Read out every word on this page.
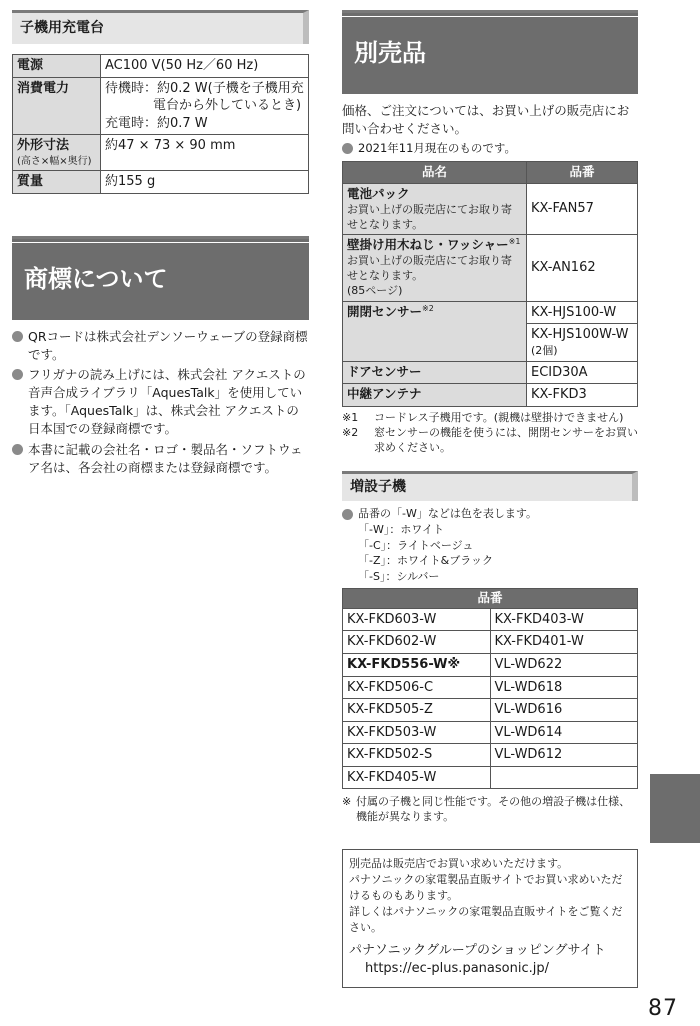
子機用充電台
電源	AC100 V(50 Hz／60 Hz)
消費電力	待機時：約0.2 W(子機を子機用充
電台から外しているとき)
充電時：約0.7 W

外形寸法
(高さ×幅×奥行)	約47 × 73 × 90 mm
質量	約155 g
商標について
QRコードは株式会社デンソーウェーブの登録商標です。
フリガナの読み上げには、株式会社 アクエストの音声合成ライブラリ「AquesTalk」を使用しています。「AquesTalk」は、株式会社 アクエストの日本国での登録商標です。
本書に記載の会社名・ロゴ・製品名・ソフトウェア名は、各会社の商標または登録商標です。
別売品

価格、ご注文については、お買い上げの販売店にお問い合わせください。

2021年11月現在のものです。
品名	品番

電池パック
お買い上げの販売店にてお取り寄せとなります。	KX-FAN57

壁掛け用木ねじ・ワッシャー$^{※1}$
お買い上げの販売店にてお取り寄せとなります。
(85ページ)	KX-AN162

開閉センサー$^{※2}$	KX-HJS100-W

	KX-HJS100W-W
(2個)

ドアセンサー	ECID30A

中継アンテナ	KX-FKD3
※1	コードレス子機用です。(親機は壁掛けできません)
※2	窓センサーの機能を使うには、開閉センサーをお買い求めください。
増設子機
品番の「-W」などは色を表します。
「-W」：ホワイト
「-C」：ライトベージュ
「-Z」：ホワイト&ブラック
「-S」：シルバー
品番	
KX-FKD603-W	KX-FKD403-W
KX-FKD602-W	KX-FKD401-W
KX-FKD556-W※	VL-WD622
KX-FKD506-C	VL-WD618
KX-FKD505-Z	VL-WD616
KX-FKD503-W	VL-WD614
KX-FKD502-S	VL-WD612
KX-FKD405-W	
※ 付属の子機と同じ性能です。その他の増設子機は仕様、機能が異なります。
別売品は販売店でお買い求めいただけます。
パナソニックの家電製品直販サイトでお買い求めいただけるものもあります。
詳しくはパナソニックの家電製品直販サイトをご覧ください。
パナソニックグループのショッピングサイト
https://ec-plus.panasonic.jp/
87
